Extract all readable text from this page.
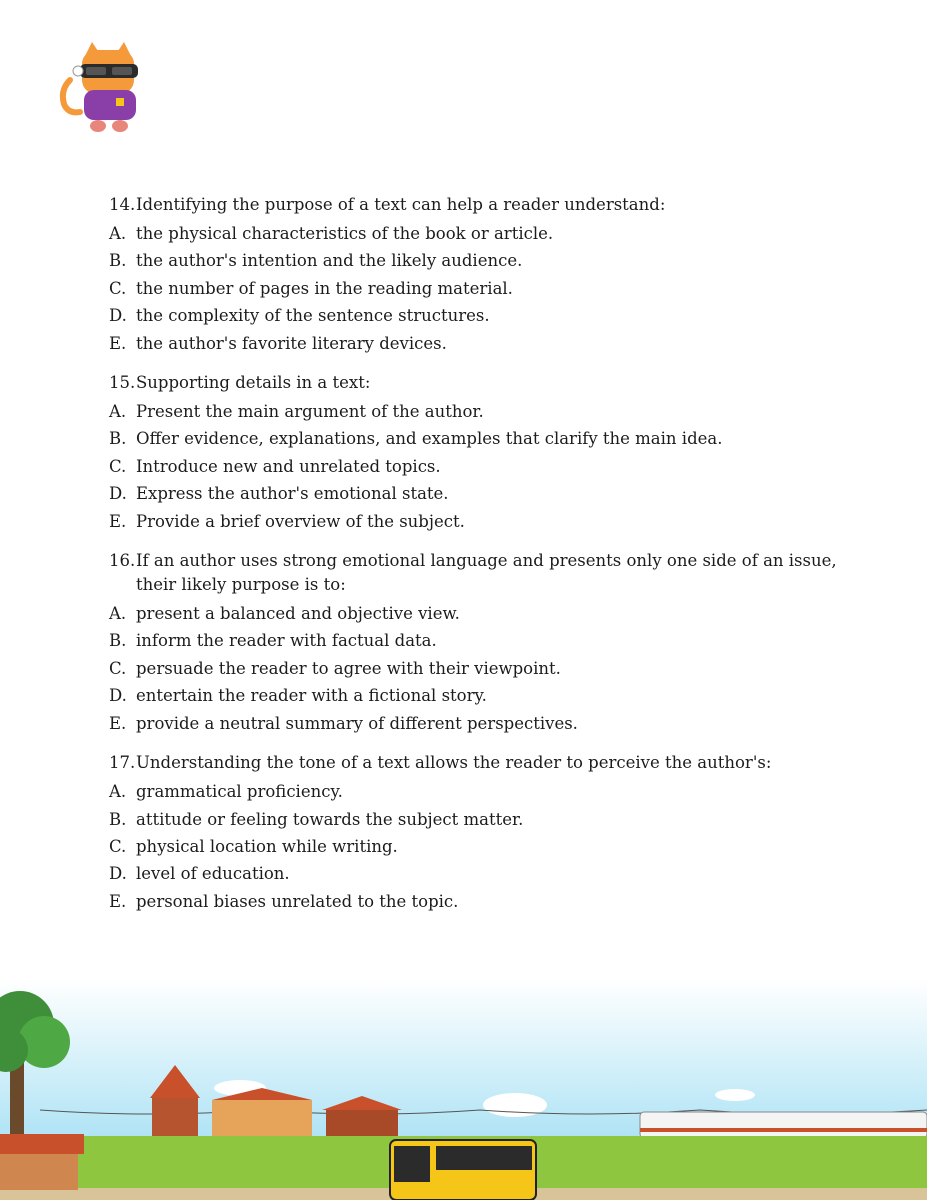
14. Identifying the purpose of a text can help a reader understand:
A. the physical characteristics of the book or article.
B. the author's intention and the likely audience.
C. the number of pages in the reading material.
D. the complexity of the sentence structures.
E. the author's favorite literary devices.
15. Supporting details in a text:
A. Present the main argument of the author.
B. Offer evidence, explanations, and examples that clarify the main idea.
C. Introduce new and unrelated topics.
D. Express the author's emotional state.
E. Provide a brief overview of the subject.
16. If an author uses strong emotional language and presents only one side of an issue, their likely purpose is to:
A. present a balanced and objective view.
B. inform the reader with factual data.
C. persuade the reader to agree with their viewpoint.
D. entertain the reader with a fictional story.
E. provide a neutral summary of different perspectives.
17. Understanding the tone of a text allows the reader to perceive the author's:
A. grammatical proficiency.
B. attitude or feeling towards the subject matter.
C. physical location while writing.
D. level of education.
E. personal biases unrelated to the topic.
